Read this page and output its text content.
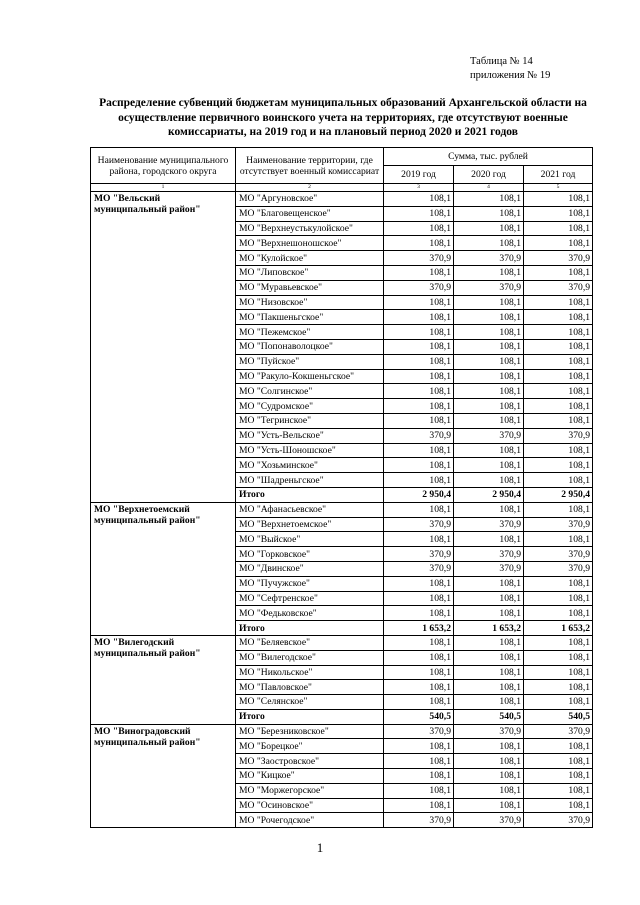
Таблица № 14
приложения № 19
Распределение субвенций бюджетам муниципальных образований Архангельской области на осуществление первичного воинского учета на территориях, где отсутствуют военные комиссариаты, на 2019 год и на плановый период 2020 и 2021 годов
Наименование муниципального района, городского округа	Наименование территории, где отсутствует военный комиссариат	Сумма, тыс. рублей		
		2019 год	2020 год	2021 год
1	2	3	4	5
МО "Вельский муниципальный район"	МО "Аргуновское"	108,1	108,1	108,1
	МО "Благовещенское"	108,1	108,1	108,1
	МО "Верхнеустькулойское"	108,1	108,1	108,1
	МО "Верхнешоношское"	108,1	108,1	108,1
	МО "Кулойское"	370,9	370,9	370,9
	МО "Липовское"	108,1	108,1	108,1
	МО "Муравьевское"	370,9	370,9	370,9
	МО "Низовское"	108,1	108,1	108,1
	МО "Пакшеньгское"	108,1	108,1	108,1
	МО "Пежемское"	108,1	108,1	108,1
	МО "Попонаволоцкое"	108,1	108,1	108,1
	МО "Пуйское"	108,1	108,1	108,1
	МО "Ракуло-Кокшеньгское"	108,1	108,1	108,1
	МО "Солгинское"	108,1	108,1	108,1
	МО "Судромское"	108,1	108,1	108,1
	МО "Тегринское"	108,1	108,1	108,1
	МО "Усть-Вельское"	370,9	370,9	370,9
	МО "Усть-Шоношское"	108,1	108,1	108,1
	МО "Хозьминское"	108,1	108,1	108,1
	МО "Шадреньгское"	108,1	108,1	108,1
	Итого	2 950,4	2 950,4	2 950,4
МО "Верхнетоемский муниципальный район"	МО "Афанасьевское"	108,1	108,1	108,1
	МО "Верхнетоемское"	370,9	370,9	370,9
	МО "Выйское"	108,1	108,1	108,1
	МО "Горковское"	370,9	370,9	370,9
	МО "Двинское"	370,9	370,9	370,9
	МО "Пучужское"	108,1	108,1	108,1
	МО "Сефтренское"	108,1	108,1	108,1
	МО "Федьковское"	108,1	108,1	108,1
	Итого	1 653,2	1 653,2	1 653,2
МО "Вилегодский муниципальный район"	МО "Беляевское"	108,1	108,1	108,1
	МО "Вилегодское"	108,1	108,1	108,1
	МО "Никольское"	108,1	108,1	108,1
	МО "Павловское"	108,1	108,1	108,1
	МО "Селянское"	108,1	108,1	108,1
	Итого	540,5	540,5	540,5
МО "Виноградовский муниципальный район"	МО "Березниковское"	370,9	370,9	370,9
	МО "Борецкое"	108,1	108,1	108,1
	МО "Заостровское"	108,1	108,1	108,1
	МО "Кицкое"	108,1	108,1	108,1
	МО "Моржегорское"	108,1	108,1	108,1
	МО "Осиновское"	108,1	108,1	108,1
	МО "Рочегодское"	370,9	370,9	370,9
1
